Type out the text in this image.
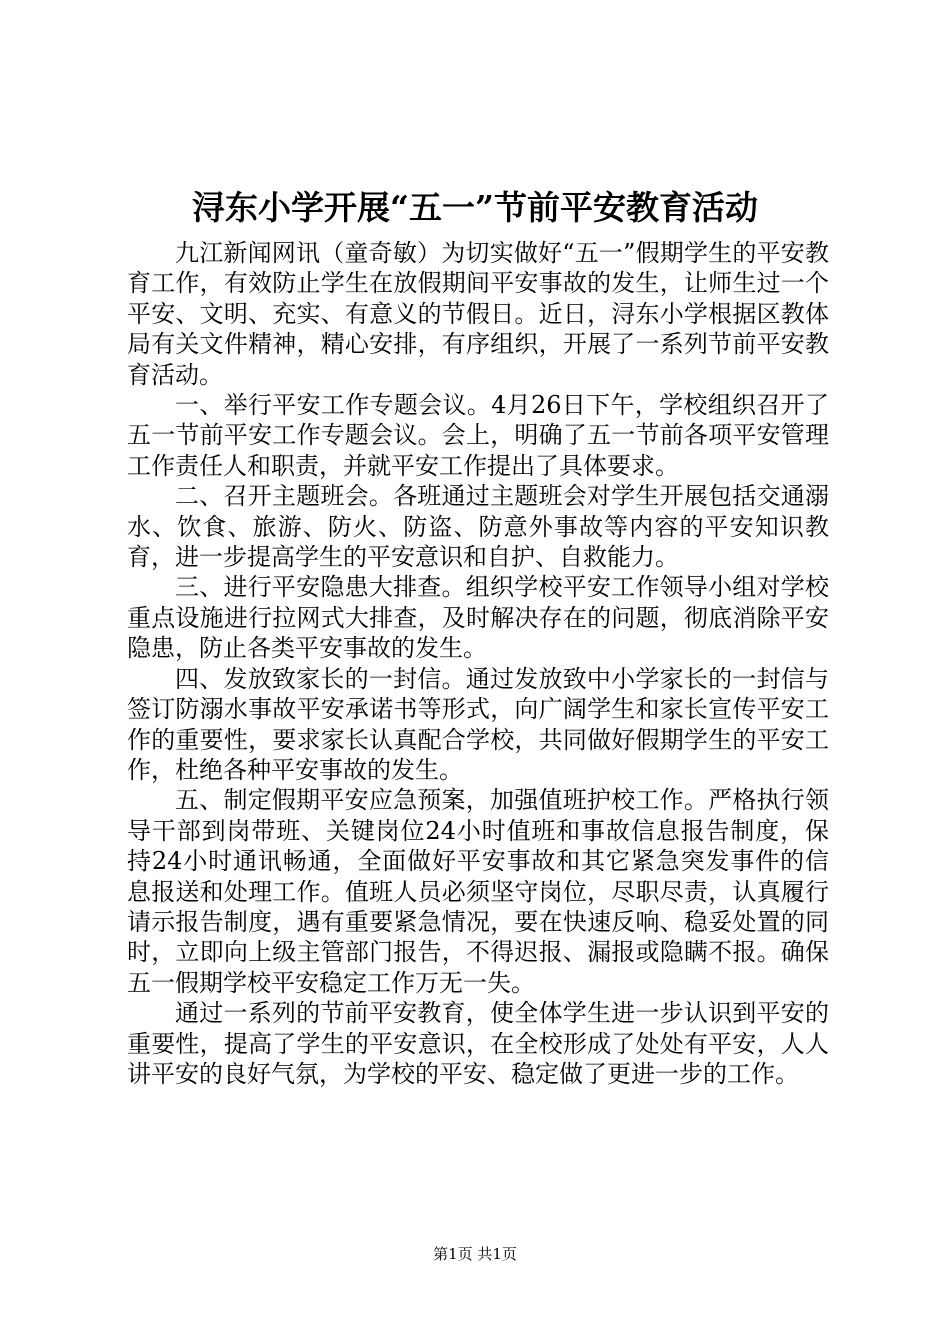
浔东小学开展“五一”节前平安教育活动

九江新闻网讯（童奇敏）为切实做好“五一”假期学生的平安教育工作，有效防止学生在放假期间平安事故的发生，让师生过一个平安、文明、充实、有意义的节假日。近日，浔东小学根据区教体局有关文件精神，精心安排，有序组织，开展了一系列节前平安教育活动。

一、举行平安工作专题会议。4月26日下午，学校组织召开了五一节前平安工作专题会议。会上，明确了五一节前各项平安管理工作责任人和职责，并就平安工作提出了具体要求。

二、召开主题班会。各班通过主题班会对学生开展包括交通溺水、饮食、旅游、防火、防盗、防意外事故等内容的平安知识教育，进一步提高学生的平安意识和自护、自救能力。

三、进行平安隐患大排查。组织学校平安工作领导小组对学校重点设施进行拉网式大排查，及时解决存在的问题，彻底消除平安隐患，防止各类平安事故的发生。

四、发放致家长的一封信。通过发放致中小学家长的一封信与签订防溺水事故平安承诺书等形式，向广阔学生和家长宣传平安工作的重要性，要求家长认真配合学校，共同做好假期学生的平安工作，杜绝各种平安事故的发生。

五、制定假期平安应急预案，加强值班护校工作。严格执行领导干部到岗带班、关键岗位24小时值班和事故信息报告制度，保持24小时通讯畅通，全面做好平安事故和其它紧急突发事件的信息报送和处理工作。值班人员必须坚守岗位，尽职尽责，认真履行请示报告制度，遇有重要紧急情况，要在快速反响、稳妥处置的同时，立即向上级主管部门报告，不得迟报、漏报或隐瞒不报。确保五一假期学校平安稳定工作万无一失。

通过一系列的节前平安教育，使全体学生进一步认识到平安的重要性，提高了学生的平安意识，在全校形成了处处有平安，人人讲平安的良好气氛，为学校的平安、稳定做了更进一步的工作。

第1页 共1页
